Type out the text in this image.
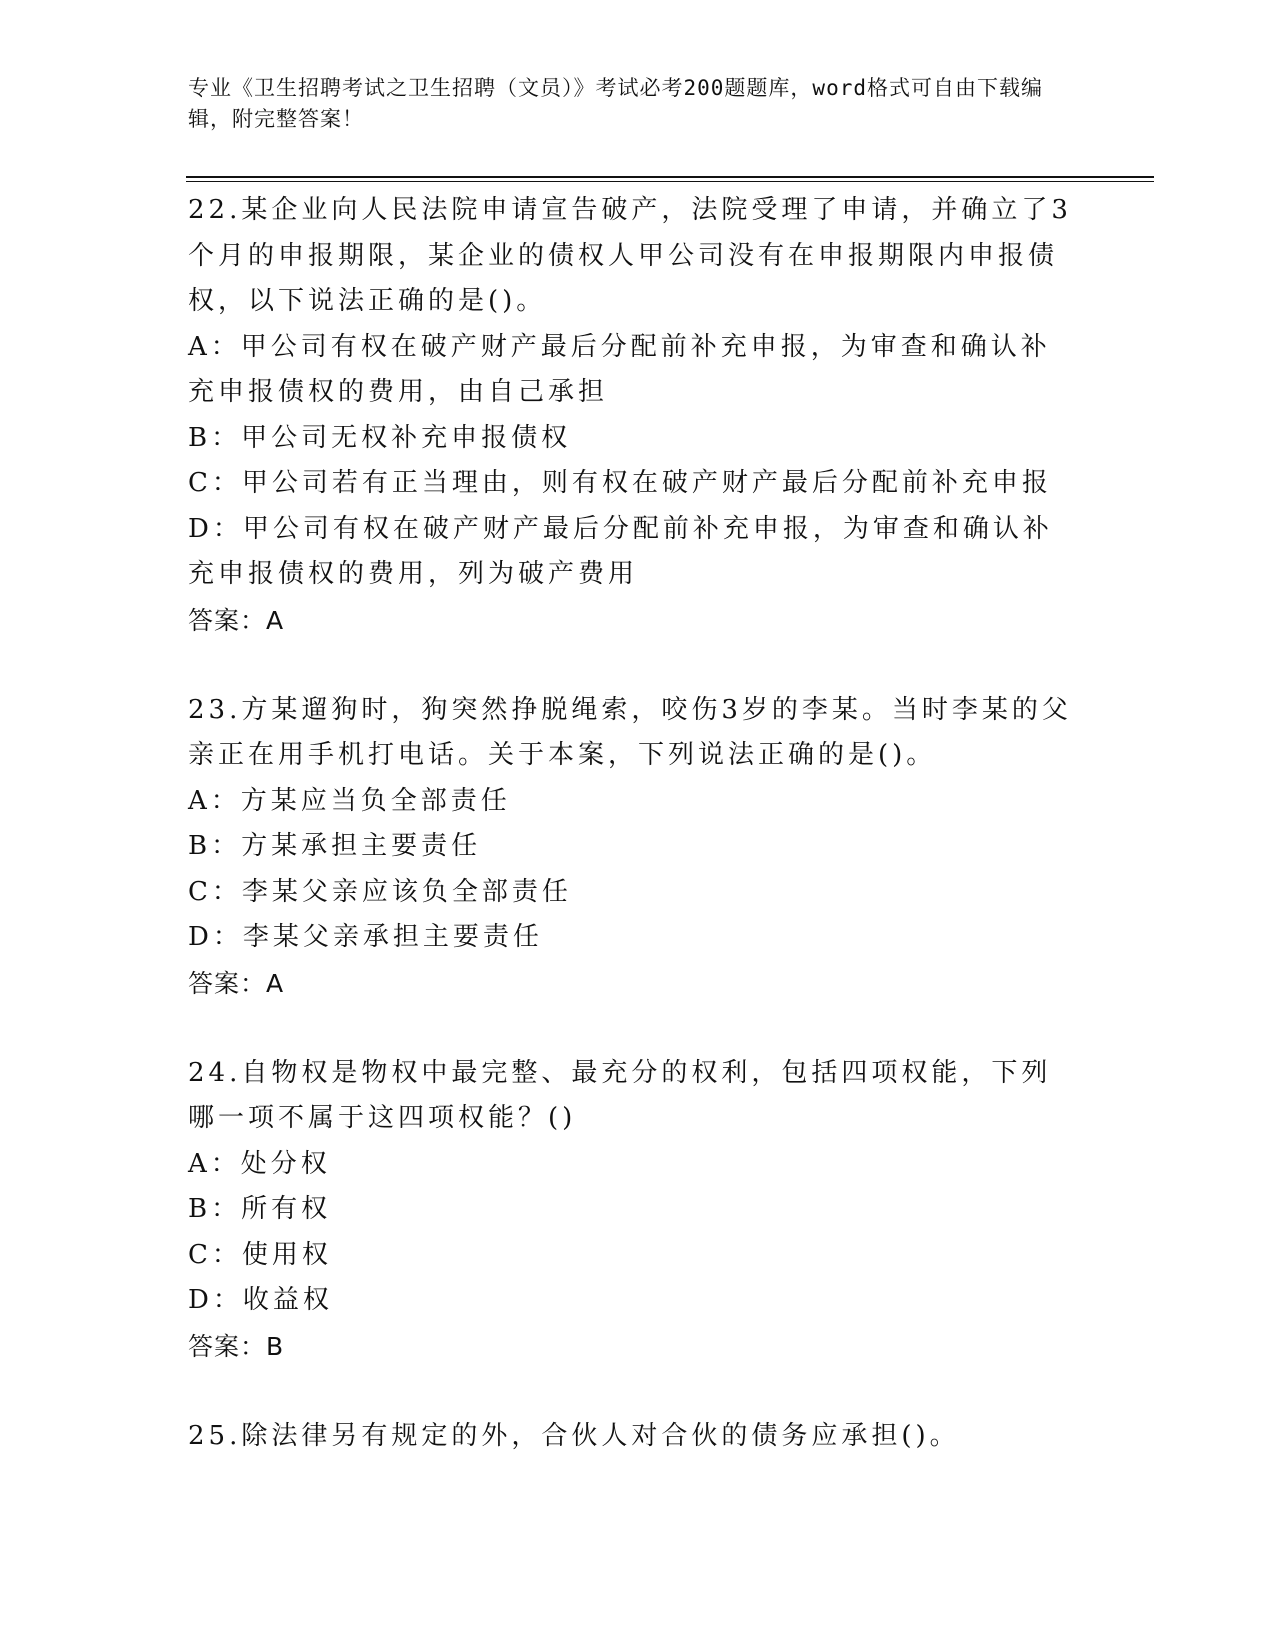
专业《卫生招聘考试之卫生招聘（文员）》考试必考200题题库，word格式可自由下载编辑，附完整答案！

22.某企业向人民法院申请宣告破产，法院受理了申请，并确立了3个月的申报期限，某企业的债权人甲公司没有在申报期限内申报债权，以下说法正确的是()。

A：甲公司有权在破产财产最后分配前补充申报，为审查和确认补充申报债权的费用，由自己承担

B：甲公司无权补充申报债权

C：甲公司若有正当理由，则有权在破产财产最后分配前补充申报

D：甲公司有权在破产财产最后分配前补充申报，为审查和确认补充申报债权的费用，列为破产费用

答案：A

23.方某遛狗时，狗突然挣脱绳索，咬伤3岁的李某。当时李某的父亲正在用手机打电话。关于本案，下列说法正确的是()。

A：方某应当负全部责任

B：方某承担主要责任

C：李某父亲应该负全部责任

D：李某父亲承担主要责任

答案：A

24.自物权是物权中最完整、最充分的权利，包括四项权能，下列哪一项不属于这四项权能？()

A：处分权

B：所有权

C：使用权

D：收益权

答案：B

25.除法律另有规定的外，合伙人对合伙的债务应承担()。
